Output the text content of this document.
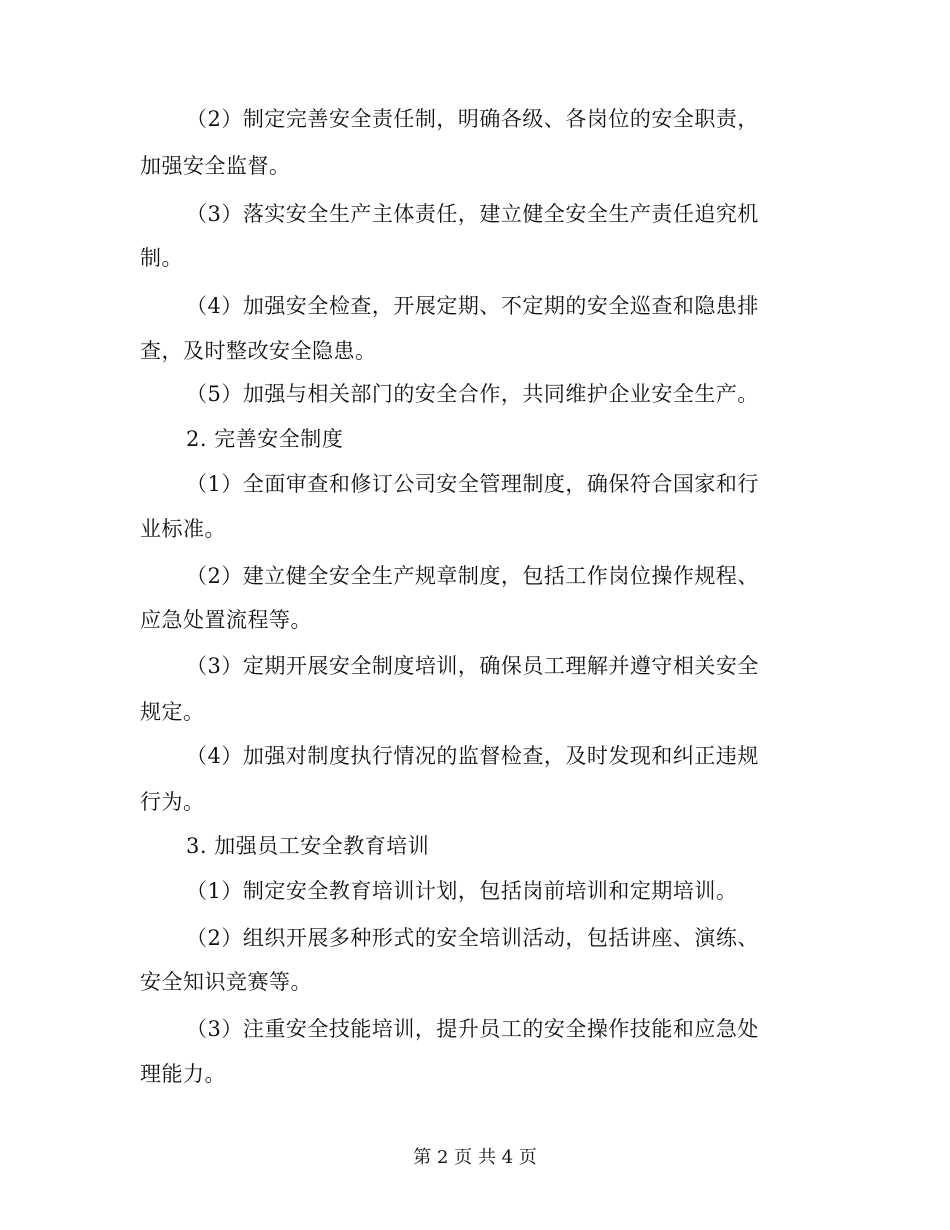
（2）制定完善安全责任制，明确各级、各岗位的安全职责，
加强安全监督。
（3）落实安全生产主体责任，建立健全安全生产责任追究机
制。
（4）加强安全检查，开展定期、不定期的安全巡查和隐患排
查，及时整改安全隐患。
（5）加强与相关部门的安全合作，共同维护企业安全生产。
2. 完善安全制度
（1）全面审查和修订公司安全管理制度，确保符合国家和行
业标准。
（2）建立健全安全生产规章制度，包括工作岗位操作规程、
应急处置流程等。
（3）定期开展安全制度培训，确保员工理解并遵守相关安全
规定。
（4）加强对制度执行情况的监督检查，及时发现和纠正违规
行为。
3. 加强员工安全教育培训
（1）制定安全教育培训计划，包括岗前培训和定期培训。
（2）组织开展多种形式的安全培训活动，包括讲座、演练、
安全知识竞赛等。
（3）注重安全技能培训，提升员工的安全操作技能和应急处
理能力。
第 2 页 共 4 页
